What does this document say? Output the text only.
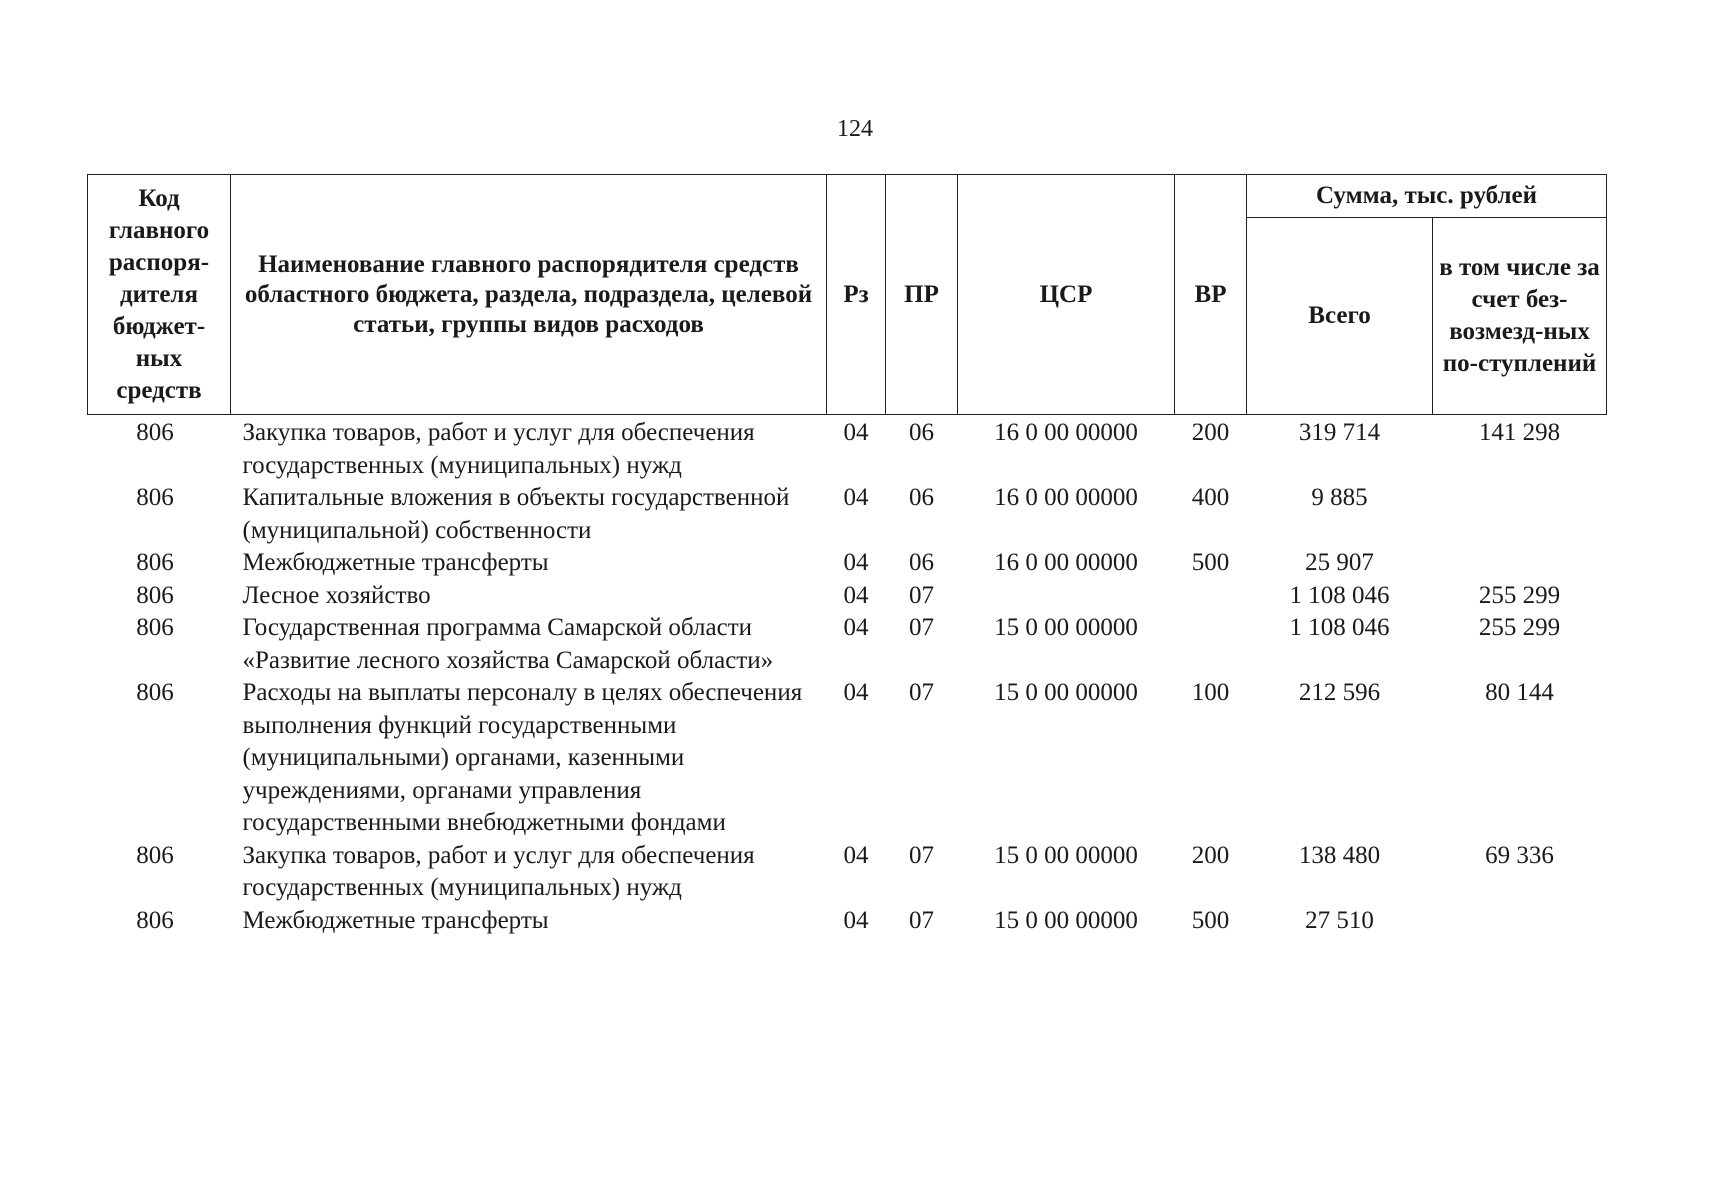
124
Код главного распоря-дителя бюджет-ных средств	Наименование главного распорядителя средств областного бюджета, раздела, подраздела, целевой статьи, группы видов расходов	Рз	ПР	ЦСР	ВР	Сумма, тыс. рублей	
						Всего	в том числе за счет без-возмезд-ных по-ступлений
806	Закупка товаров, работ и услуг для обеспечения государственных (муниципальных) нужд	04	06	16 0 00 00000	200	319 714	141 298
806	Капитальные вложения в объекты государственной (муниципальной) собственности	04	06	16 0 00 00000	400	9 885	
806	Межбюджетные трансферты	04	06	16 0 00 00000	500	25 907	
806	Лесное хозяйство	04	07			1 108 046	255 299
806	Государственная программа Самарской области «Развитие лесного хозяйства Самарской области»	04	07	15 0 00 00000		1 108 046	255 299
806	Расходы на выплаты персоналу в целях обеспечения выполнения функций государственными (муниципальными) органами, казенными учреждениями, органами управления государственными внебюджетными фондами	04	07	15 0 00 00000	100	212 596	80 144
806	Закупка товаров, работ и услуг для обеспечения государственных (муниципальных) нужд	04	07	15 0 00 00000	200	138 480	69 336
806	Межбюджетные трансферты	04	07	15 0 00 00000	500	27 510	
